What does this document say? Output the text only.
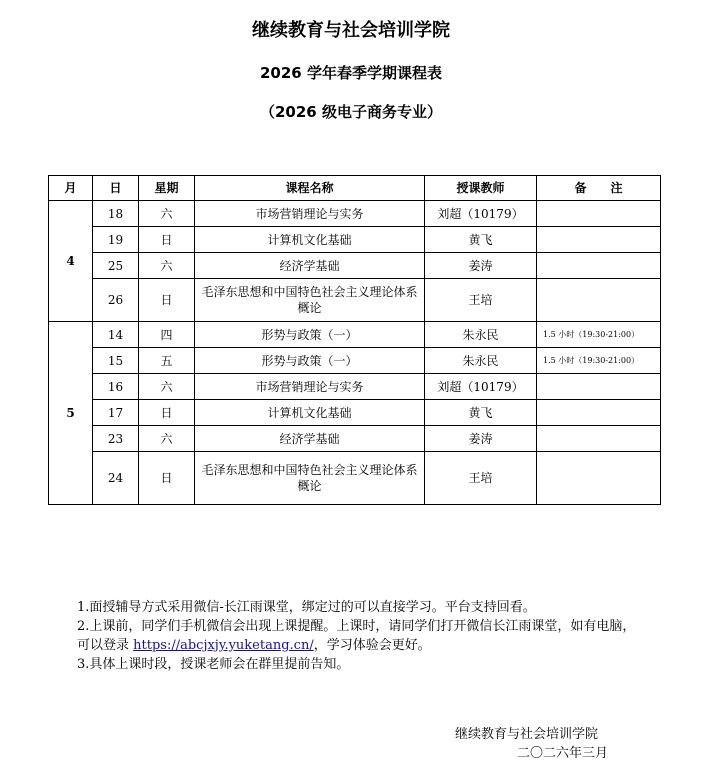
继续教育与社会培训学院
2026 学年春季学期课程表
（2026 级电子商务专业）
月	日	星期	课程名称	授课教师	备　　注
4	18	六	市场营销理论与实务	刘超（10179）	
	19	日	计算机文化基础	黄飞	
	25	六	经济学基础	姜涛	
	26	日	毛泽东思想和中国特色社会主义理论体系概论	王培	
5	14	四	形势与政策（一）	朱永民	1.5 小时（19:30-21:00）
	15	五	形势与政策（一）	朱永民	1.5 小时（19:30-21:00）
	16	六	市场营销理论与实务	刘超（10179）	
	17	日	计算机文化基础	黄飞	
	23	六	经济学基础	姜涛	
	24	日	毛泽东思想和中国特色社会主义理论体系概论	王培	

1.面授辅导方式采用微信-长江雨课堂，绑定过的可以直接学习。平台支持回看。

2.上课前，同学们手机微信会出现上课提醒。上课时，请同学们打开微信长江雨课堂，如有电脑，可以登录 https://abcjxjy.yuketang.cn/，学习体验会更好。

3.具体上课时段，授课老师会在群里提前告知。

继续教育与社会培训学院
二〇二六年三月
